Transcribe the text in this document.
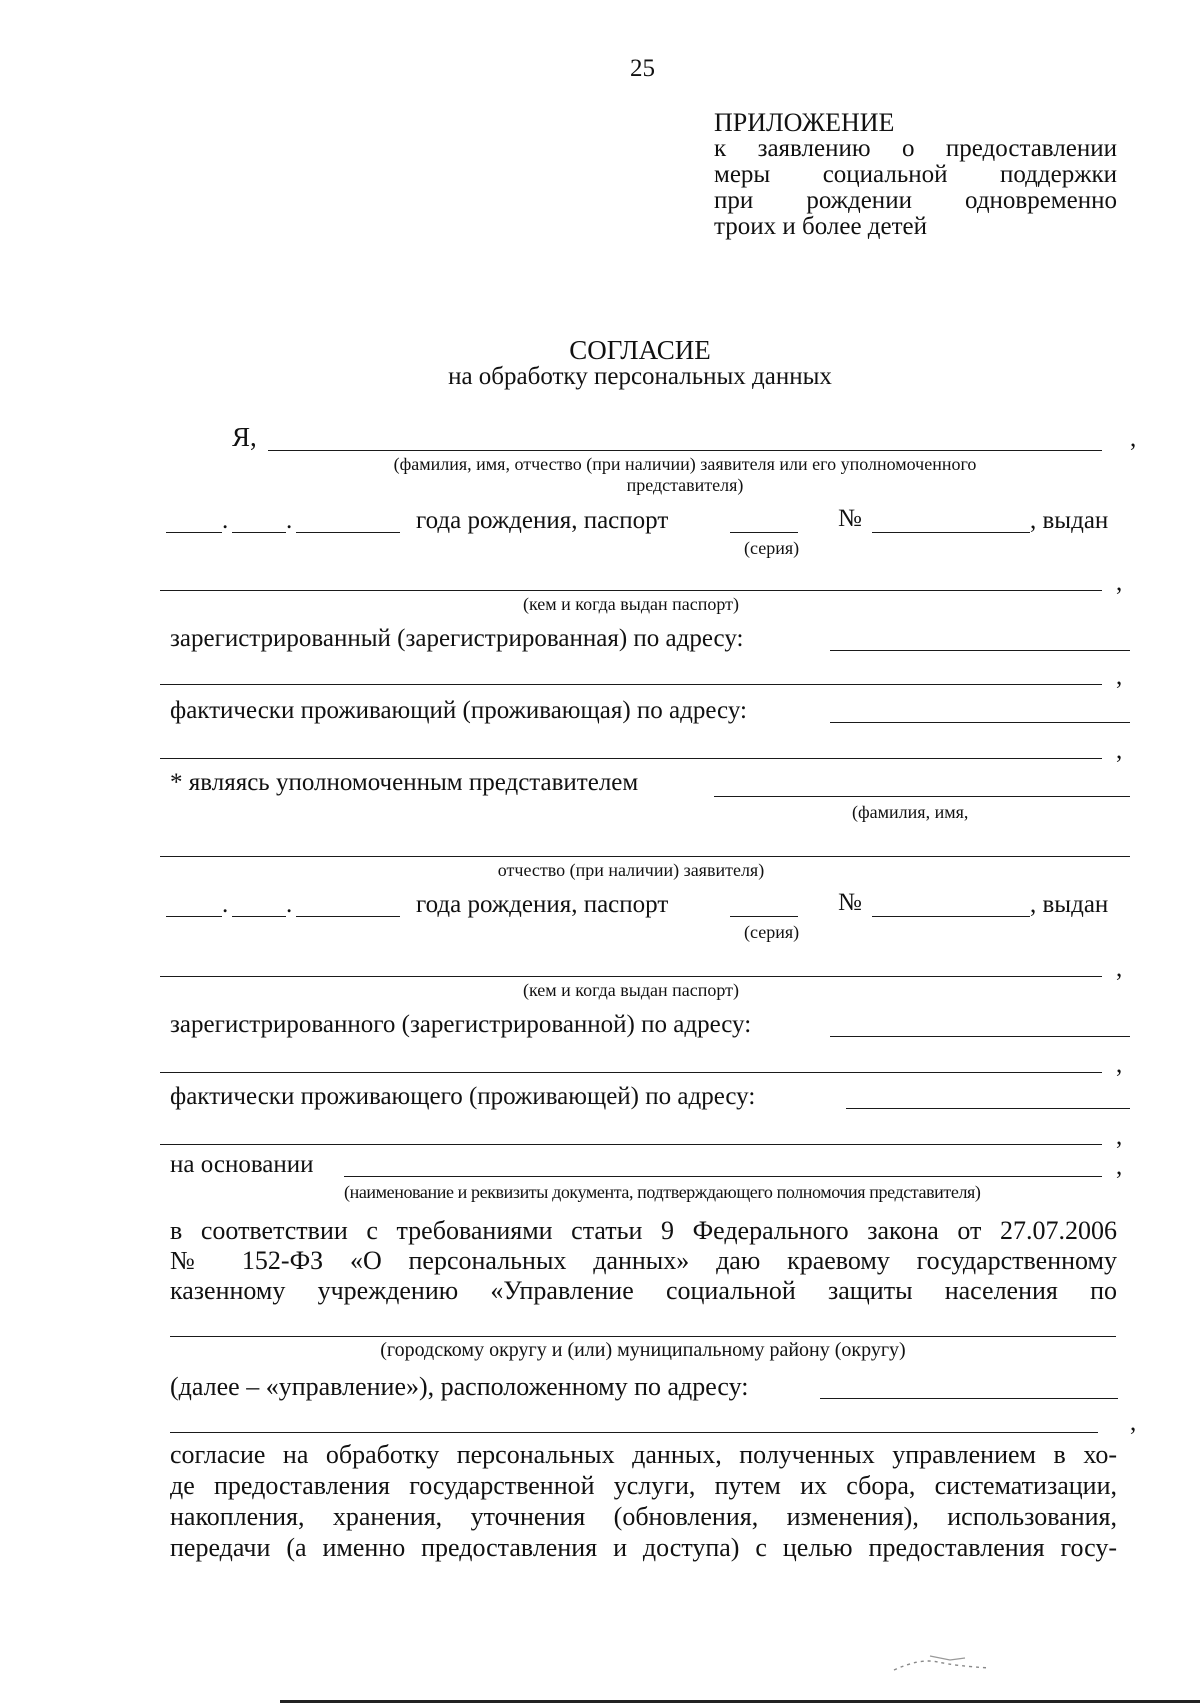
25
ПРИЛОЖЕНИЕ
к заявлению о предоставлении
меры социальной поддержки
при рождении одновременно
троих и более детей
СОГЛАСИЕ
на обработку персональных данных
Я,	,
(фамилия, имя, отчество (при наличии) заявителя или его уполномоченного
представителя)
. .	года рождения, паспорт	№	, выдан
(серия)
,
(кем и когда выдан паспорт)
зарегистрированный (зарегистрированная) по адресу:
,
фактически проживающий (проживающая) по адресу:
,
* являясь уполномоченным представителем
(фамилия, имя,
отчество (при наличии) заявителя)
. .	года рождения, паспорт	№	, выдан
(серия)
,
(кем и когда выдан паспорт)
зарегистрированного (зарегистрированной) по адресу:
,
фактически проживающего (проживающей) по адресу:
,
на основании	,
(наименование и реквизиты документа, подтверждающего полномочия представителя)
в соответствии с требованиями статьи 9 Федерального закона от 27.07.2006
№ 152-ФЗ «О персональных данных» даю краевому государственному
казенному учреждению «Управление социальной защиты населения по
(городскому округу и (или) муниципальному району (округу)
(далее – «управление»), расположенному по адресу:
,
согласие на обработку персональных данных, полученных управлением в хо-
де предоставления государственной услуги, путем их сбора, систематизации,
накопления, хранения, уточнения (обновления, изменения), использования,
передачи (а именно предоставления и доступа) с целью предоставления госу-
